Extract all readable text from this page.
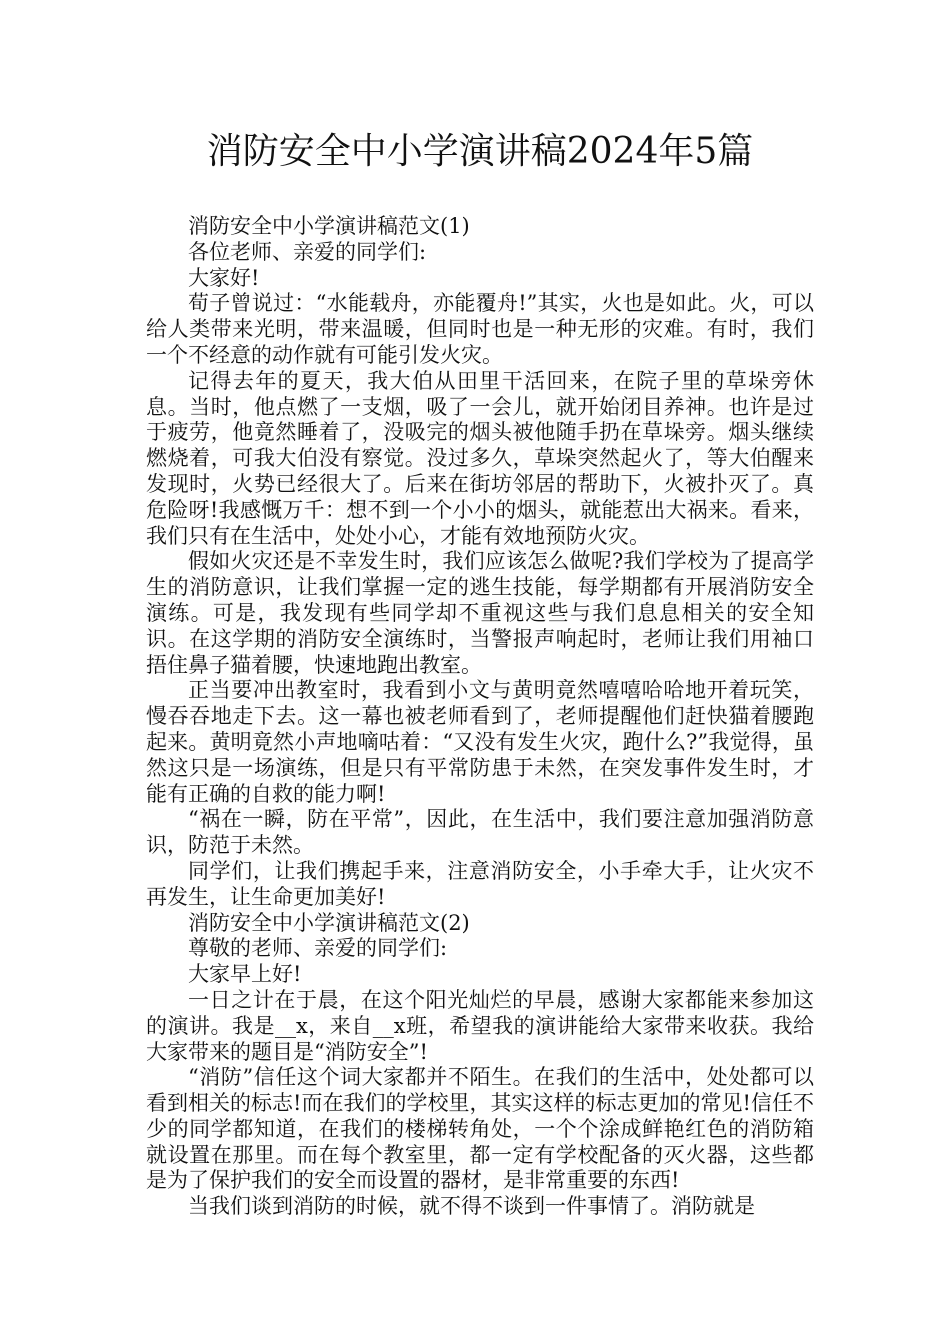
消防安全中小学演讲稿2024年5篇

消防安全中小学演讲稿范文(1)

各位老师、亲爱的同学们:

大家好!

荀子曾说过：“水能载舟，亦能覆舟!”其实，火也是如此。火，可以给人类带来光明，带来温暖，但同时也是一种无形的灾难。有时，我们一个不经意的动作就有可能引发火灾。

记得去年的夏天，我大伯从田里干活回来，在院子里的草垛旁休息。当时，他点燃了一支烟，吸了一会儿，就开始闭目养神。也许是过于疲劳，他竟然睡着了，没吸完的烟头被他随手扔在草垛旁。烟头继续燃烧着，可我大伯没有察觉。没过多久，草垛突然起火了，等大伯醒来发现时，火势已经很大了。后来在街坊邻居的帮助下，火被扑灭了。真危险呀!我感慨万千：想不到一个小小的烟头，就能惹出大祸来。看来，我们只有在生活中，处处小心，才能有效地预防火灾。

假如火灾还是不幸发生时，我们应该怎么做呢?我们学校为了提高学生的消防意识，让我们掌握一定的逃生技能，每学期都有开展消防安全演练。可是，我发现有些同学却不重视这些与我们息息相关的安全知识。在这学期的消防安全演练时，当警报声响起时，老师让我们用袖口捂住鼻子猫着腰，快速地跑出教室。

正当要冲出教室时，我看到小文与黄明竟然嘻嘻哈哈地开着玩笑，慢吞吞地走下去。这一幕也被老师看到了，老师提醒他们赶快猫着腰跑起来。黄明竟然小声地嘀咕着：“又没有发生火灾，跑什么?”我觉得，虽然这只是一场演练，但是只有平常防患于未然，在突发事件发生时，才能有正确的自救的能力啊!

“祸在一瞬，防在平常”，因此，在生活中，我们要注意加强消防意识，防范于未然。

同学们，让我们携起手来，注意消防安全，小手牵大手，让火灾不再发生，让生命更加美好!

消防安全中小学演讲稿范文(2)

尊敬的老师、亲爱的同学们:

大家早上好!

一日之计在于晨，在这个阳光灿烂的早晨，感谢大家都能来参加这的演讲。我是__x，来自__x班，希望我的演讲能给大家带来收获。我给大家带来的题目是“消防安全”!

“消防”信任这个词大家都并不陌生。在我们的生活中，处处都可以看到相关的标志!而在我们的学校里，其实这样的标志更加的常见!信任不少的同学都知道，在我们的楼梯转角处，一个个涂成鲜艳红色的消防箱就设置在那里。而在每个教室里，都一定有学校配备的灭火器，这些都是为了保护我们的安全而设置的器材，是非常重要的东西!

当我们谈到消防的时候，就不得不谈到一件事情了。消防就是
